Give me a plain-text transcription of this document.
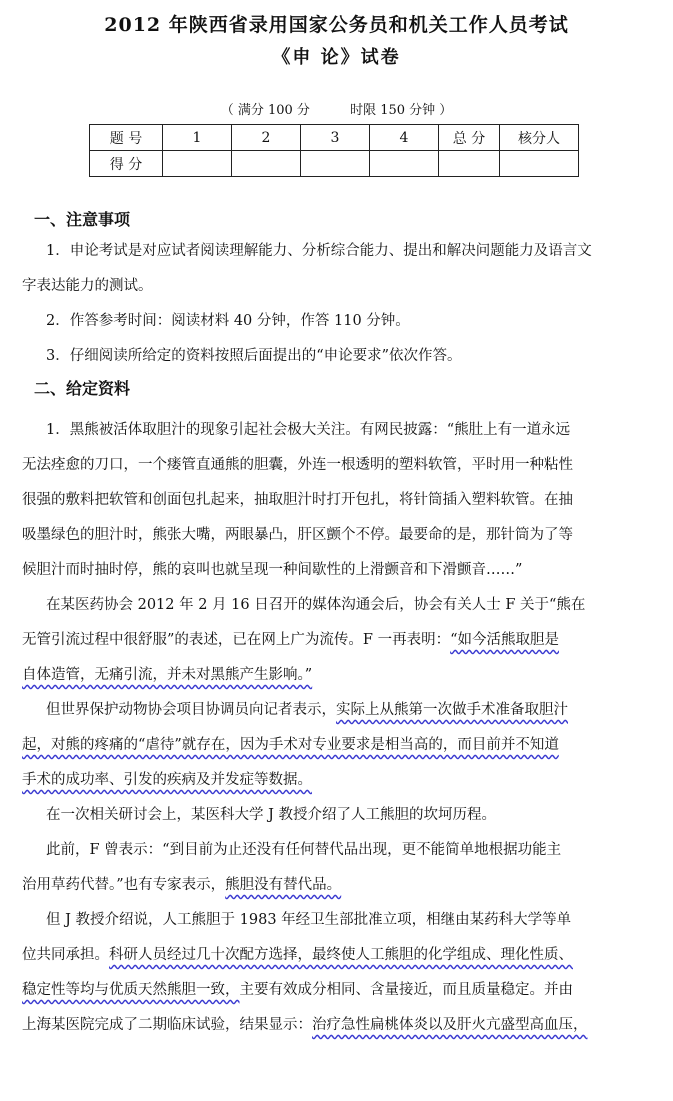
2012 年陕西省录用国家公务员和机关工作人员考试
《申 论》试卷
（ 满分 100 分	时限 150 分钟 ）
题 号	1	2	3	4	总 分	核分人
得 分						
一、注意事项
1．申论考试是对应试者阅读理解能力、分析综合能力、提出和解决问题能力及语言文
字表达能力的测试。
2．作答参考时间：阅读材料 40 分钟，作答 110 分钟。
3．仔细阅读所给定的资料按照后面提出的“申论要求”依次作答。
二、给定资料
1．黑熊被活体取胆汁的现象引起社会极大关注。有网民披露：“熊肚上有一道永远
无法痊愈的刀口，一个瘘管直通熊的胆囊，外连一根透明的塑料软管，平时用一种粘性
很强的敷料把软管和创面包扎起来，抽取胆汁时打开包扎，将针筒插入塑料软管。在抽
吸墨绿色的胆汁时，熊张大嘴，两眼暴凸，肝区颤个不停。最要命的是，那针筒为了等
候胆汁而时抽时停，熊的哀叫也就呈现一种间歇性的上滑颤音和下滑颤音……”
在某医药协会 2012 年 2 月 16 日召开的媒体沟通会后，协会有关人士 F 关于“熊在
无管引流过程中很舒服”的表述，已在网上广为流传。F 一再表明：“如今活熊取胆是
自体造管，无痛引流，并未对黑熊产生影响。”
但世界保护动物协会项目协调员向记者表示，实际上从熊第一次做手术准备取胆汁
起，对熊的疼痛的“虐待”就存在，因为手术对专业要求是相当高的，而目前并不知道
手术的成功率、引发的疾病及并发症等数据。
在一次相关研讨会上，某医科大学 J 教授介绍了人工熊胆的坎坷历程。
此前，F 曾表示：“到目前为止还没有任何替代品出现，更不能简单地根据功能主
治用草药代替。”也有专家表示，熊胆没有替代品。
但 J 教授介绍说，人工熊胆于 1983 年经卫生部批准立项，相继由某药科大学等单
位共同承担。科研人员经过几十次配方选择，最终使人工熊胆的化学组成、理化性质、
稳定性等均与优质天然熊胆一致，主要有效成分相同、含量接近，而且质量稳定。并由
上海某医院完成了二期临床试验，结果显示：治疗急性扁桃体炎以及肝火亢盛型高血压，
